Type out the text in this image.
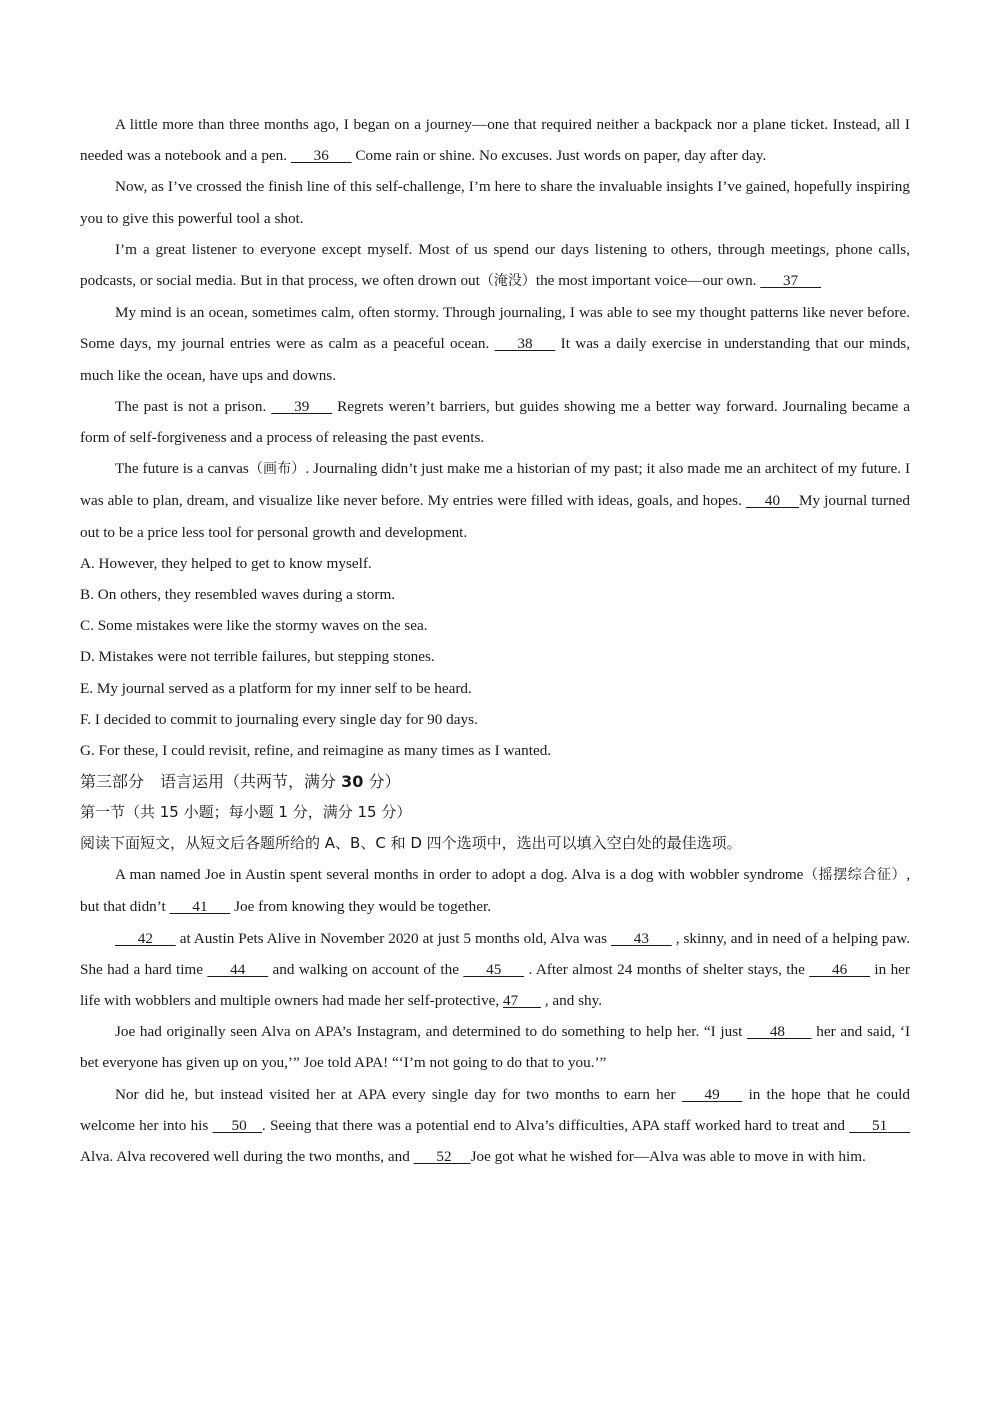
A little more than three months ago, I began on a journey—one that required neither a backpack nor a plane ticket. Instead, all I needed was a notebook and a pen.       36       Come rain or shine. No excuses. Just words on paper, day after day.

Now, as I’ve crossed the finish line of this self-challenge, I’m here to share the invaluable insights I’ve gained, hopefully inspiring you to give this powerful tool a shot.

I’m a great listener to everyone except myself. Most of us spend our days listening to others, through meetings, phone calls, podcasts, or social media. But in that process, we often drown out（淹没）the most important voice—our own.       37

My mind is an ocean, sometimes calm, often stormy. Through journaling, I was able to see my thought patterns like never before. Some days, my journal entries were as calm as a peaceful ocean.       38       It was a daily exercise in understanding that our minds, much like the ocean, have ups and downs.

The past is not a prison.       39       Regrets weren’t barriers, but guides showing me a better way forward. Journaling became a form of self-forgiveness and a process of releasing the past events.

The future is a canvas（画布）. Journaling didn’t just make me a historian of my past; it also made me an architect of my future. I was able to plan, dream, and visualize like never before. My entries were filled with ideas, goals, and hopes.      40 My journal turned out to be a price less tool for personal growth and development.

A. However, they helped to get to know myself.

B. On others, they resembled waves during a storm.

C. Some mistakes were like the stormy waves on the sea.

D. Mistakes were not terrible failures, but stepping stones.

E. My journal served as a platform for my inner self to be heard.

F. I decided to commit to journaling every single day for 90 days.

G. For these, I could revisit, refine, and reimagine as many times as I wanted.

第三部分　语言运用（共两节，满分 30 分）

第一节（共 15 小题；每小题 1 分，满分 15 分）

阅读下面短文，从短文后各题所给的 A、B、C 和 D 四个选项中，选出可以填入空白处的最佳选项。

A man named Joe in Austin spent several months in order to adopt a dog. Alva is a dog with wobbler syndrome（摇摆综合征）, but that didn’t       41       Joe from knowing they would be together.

42       at Austin Pets Alive in November 2020 at just 5 months old, Alva was       43       , skinny, and in need of a helping paw. She had a hard time       44       and walking on account of the       45       . After almost 24 months of shelter stays, the       46       in her life with wobblers and multiple owners had made her self-protective, 47       , and shy.

Joe had originally seen Alva on APA’s Instagram, and determined to do something to help her. “I just       48        her and said, ‘I bet everyone has given up on you,’” Joe told APA! “‘I’m not going to do that to you.’”

Nor did he, but instead visited her at APA every single day for two months to earn her       49       in the hope that he could welcome her into his      50 . Seeing that there was a potential end to Alva’s difficulties, APA staff worked hard to treat and       51       Alva. Alva recovered well during the two months, and       52 Joe got what he wished for—Alva was able to move in with him.
